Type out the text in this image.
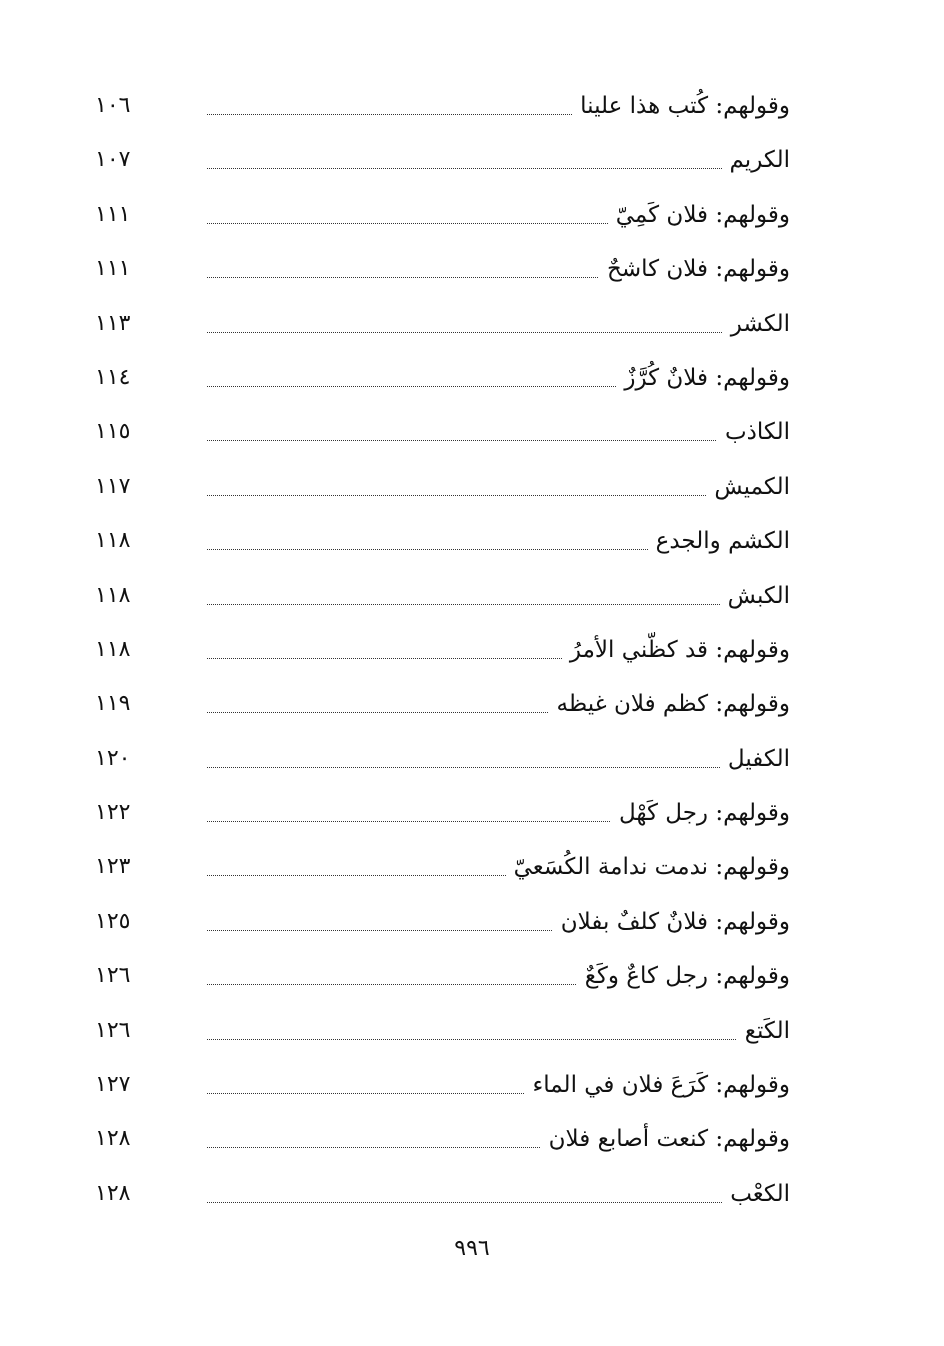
وقولهم: كُتب هذا علينا
١٠٦
الكريم
١٠٧
وقولهم: فلان كَمِيّ
١١١
وقولهم: فلان كاشحٌ
١١١
الكشر
١١٣
وقولهم: فلانٌ كُرَّزٌ
١١٤
الكاذب
١١٥
الكميش
١١٧
الكشم والجدع
١١٨
الكبش
١١٨
وقولهم: قد كظّني الأمرُ
١١٨
وقولهم: كظم فلان غيظه
١١٩
الكفيل
١٢٠
وقولهم: رجل كَهْل
١٢٢
وقولهم: ندمت ندامة الكُسَعيّ
١٢٣
وقولهم: فلانٌ كلفٌ بفلان
١٢٥
وقولهم: رجل كاعٌ وكَعٌ
١٢٦
الكَتع
١٢٦
وقولهم: كَرَعَ فلان في الماء
١٢٧
وقولهم: كنعت أصابع فلان
١٢٨
الكعْب
١٢٨
٩٩٦
